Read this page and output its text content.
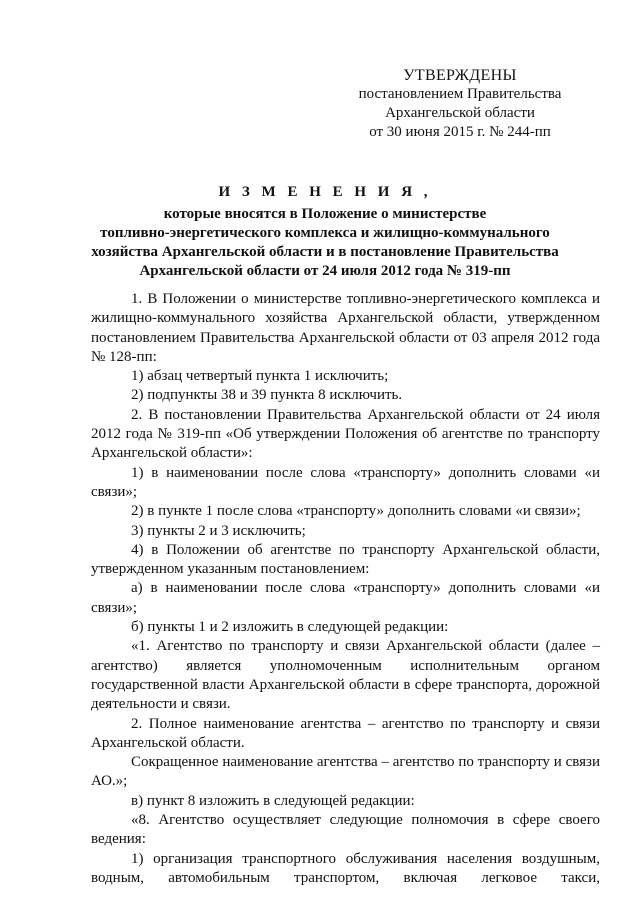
УТВЕРЖДЕНЫ
постановлением Правительства
Архангельской области
от 30 июня 2015 г. № 244-пп
И З М Е Н Е Н И Я ,
которые вносятся в Положение о министерстве
топливно-энергетического комплекса и жилищно-коммунального
хозяйства Архангельской области и в постановление Правительства
Архангельской области от 24 июля 2012 года № 319-пп

1. В Положении о министерстве топливно-энергетического комплекса и жилищно-коммунального хозяйства Архангельской области, утвержденном постановлением Правительства Архангельской области от 03 апреля 2012 года № 128-пп:

1) абзац четвертый пункта 1 исключить;

2) подпункты 38 и 39 пункта 8 исключить.

2. В постановлении Правительства Архангельской области от 24 июля 2012 года № 319-пп «Об утверждении Положения об агентстве по транспорту Архангельской области»:

1) в наименовании после слова «транспорту» дополнить словами «и связи»;

2) в пункте 1 после слова «транспорту» дополнить словами «и связи»;

3) пункты 2 и 3 исключить;

4) в Положении об агентстве по транспорту Архангельской области, утвержденном указанным постановлением:

а) в наименовании после слова «транспорту» дополнить словами «и связи»;

б) пункты 1 и 2 изложить в следующей редакции:

«1. Агентство по транспорту и связи Архангельской области (далее – агентство) является уполномоченным исполнительным органом государственной власти Архангельской области в сфере транспорта, дорожной деятельности и связи.

2. Полное наименование агентства – агентство по транспорту и связи Архангельской области.

Сокращенное наименование агентства – агентство по транспорту и связи АО.»;

в) пункт 8 изложить в следующей редакции:

«8. Агентство осуществляет следующие полномочия в сфере своего ведения:

1) организация транспортного обслуживания населения воздушным, водным, автомобильным транспортом, включая легковое такси,
